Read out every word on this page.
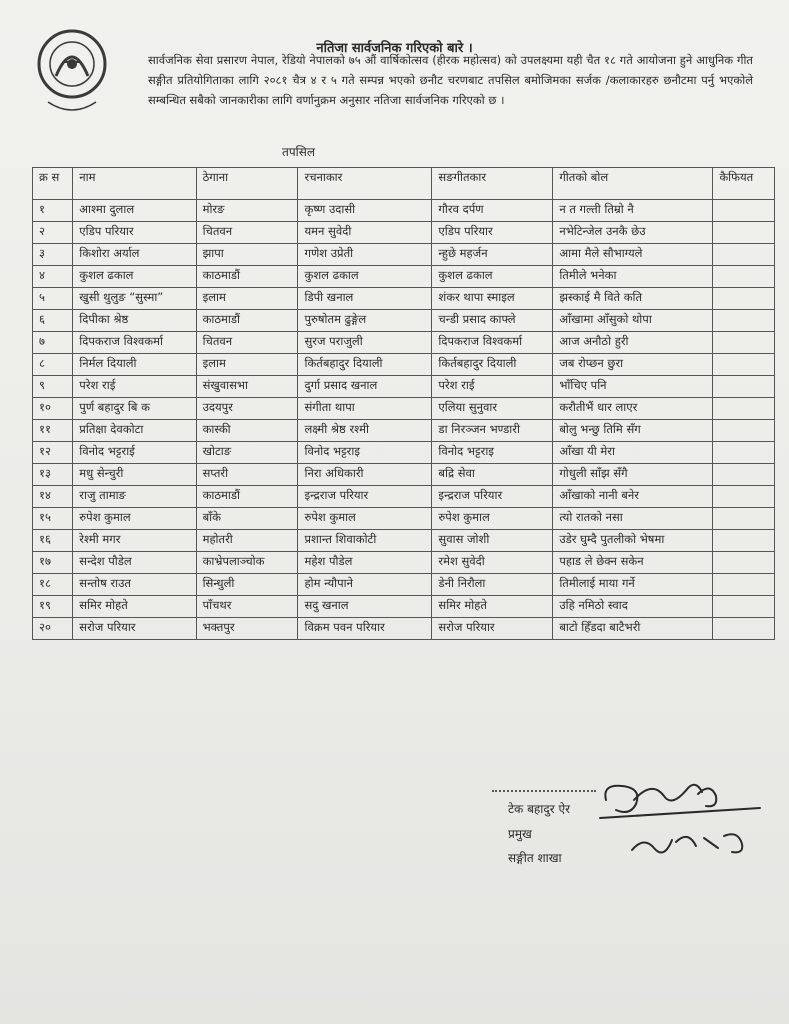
नतिजा सार्वजनिक गरिएको बारे ।

सार्वजनिक सेवा प्रसारण नेपाल, रेडियो नेपालको ७५ औं वार्षिकोत्सव (हीरक महोत्सव) को उपलक्ष्यमा यही चैत १८ गते आयोजना हुने आधुनिक गीत सङ्गीत प्रतियोगिताका लागि २०८१ चैत्र ४ र ५ गते सम्पन्न भएको छनौट चरणबाट तपसिल बमोजिमका सर्जक /कलाकारहरु छनौटमा पर्नु भएकोले सम्बन्धित सबैको जानकारीका लागि वर्णानुक्रम अनुसार नतिजा सार्वजनिक गरिएको छ ।

तपसिल
क्र स	नाम	ठेगाना	रचनाकार	सङगीतकार	गीतको बोल	कैफियत
१	आश्मा दुलाल	मोरङ	कृष्ण उदासी	गौरव दर्पण	न त गल्ती तिम्रो नै	
२	एडिप परियार	चितवन	यमन सुवेदी	एडिप परियार	नभेटिन्जेल उनकै छेउ	
३	किशोरा अर्याल	झापा	गणेश उप्रेती	न्हुछे महर्जन	आमा मैले सौभाग्यले	
४	कुशल ढकाल	काठमाडौं	कुशल ढकाल	कुशल ढकाल	तिमीले भनेका	
५	खुसी थुलुङ “सुस्मा”	इलाम	डिपी खनाल	शंकर थापा स्माइल	झस्काई मै विते कति	
६	दिपीका श्रेष्ठ	काठमाडौं	पुरुषोतम ढुङ्गेल	चन्डी प्रसाद काफ्ले	आँखामा आँसुको थोपा	
७	दिपकराज विश्वकर्मा	चितवन	सुरज पराजुली	दिपकराज विश्वकर्मा	आज अनौठो हुरी	
८	निर्मल दियाली	इलाम	किर्तबहादुर दियाली	किर्तबहादुर दियाली	जब रोप्छन छुरा	
९	परेश राई	संखुवासभा	दुर्गा प्रसाद खनाल	परेश राई	भाँचिए पनि	
१०	पुर्ण बहादुर बि क	उदयपुर	संगीता थापा	एलिया सुनुवार	करौतीभैं धार लाएर	
११	प्रतिक्षा देवकोटा	कास्की	लक्ष्मी श्रेष्ठ रश्मी	डा निरञ्जन भण्डारी	बोलु भन्छु तिमि सँग	
१२	विनोद भट्टराई	खोटाङ	विनोद भट्टराइ	विनोद भट्टराइ	आँखा यी मेरा	
१३	मधु सेन्चुरी	सप्तरी	निरा अधिकारी	बद्रि सेवा	गोधुली साँझ सँगै	
१४	राजु तामाङ	काठमाडौं	इन्द्रराज परियार	इन्द्रराज परियार	आँखाको नानी बनेर	
१५	रुपेश कुमाल	बाँके	रुपेश कुमाल	रुपेश कुमाल	त्यो रातको नसा	
१६	रेश्मी मगर	महोतरी	प्रशान्त शिवाकोटी	सुवास जोशी	उडेर घुम्दै पुतलीको भेषमा	
१७	सन्देश पौडेल	काभ्रेपलाञ्चोक	महेश पौडेल	रमेश सुवेदी	पहाड ले छेक्न सकेन	
१८	सन्तोष राउत	सिन्धुली	होम न्यौपाने	डेनी निरौला	तिमीलाई माया गर्ने	
१९	समिर मोहते	पाँचथर	सदु खनाल	समिर मोहते	उहि नमिठो स्वाद	
२०	सरोज परियार	भक्तपुर	विक्रम पवन परियार	सरोज परियार	बाटो हिँडदा बाटैभरी	
टेक बहादुर ऐर
प्रमुख
सङ्गीत शाखा
